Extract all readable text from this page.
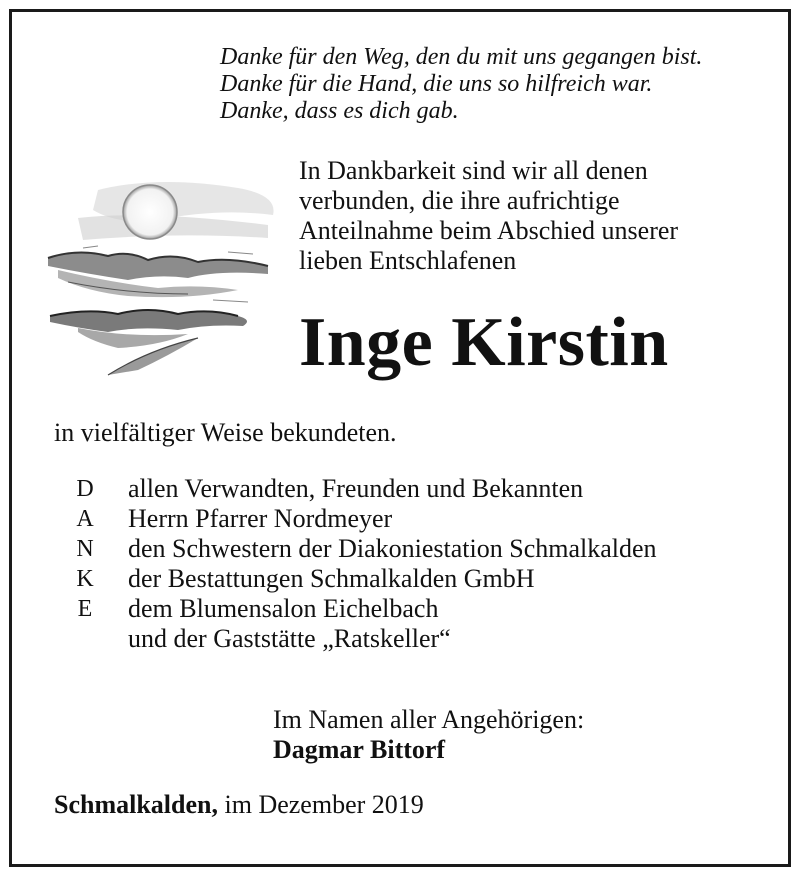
Danke für den Weg, den du mit uns gegangen bist.
Danke für die Hand, die uns so hilfreich war.
Danke, dass es dich gab.
In Dankbarkeit sind wir all denen
verbunden, die ihre aufrichtige
Anteilnahme beim Abschied unserer
lieben Entschlafenen
Inge Kirstin
in vielfältiger Weise bekundeten.
D
A
N
K
E
allen Verwandten, Freunden und Bekannten
Herrn Pfarrer Nordmeyer
den Schwestern der Diakoniestation Schmalkalden
der Bestattungen Schmalkalden GmbH
dem Blumensalon Eichelbach
und der Gaststätte „Ratskeller“
Im Namen aller Angehörigen:
Dagmar Bittorf
Schmalkalden, im Dezember 2019
